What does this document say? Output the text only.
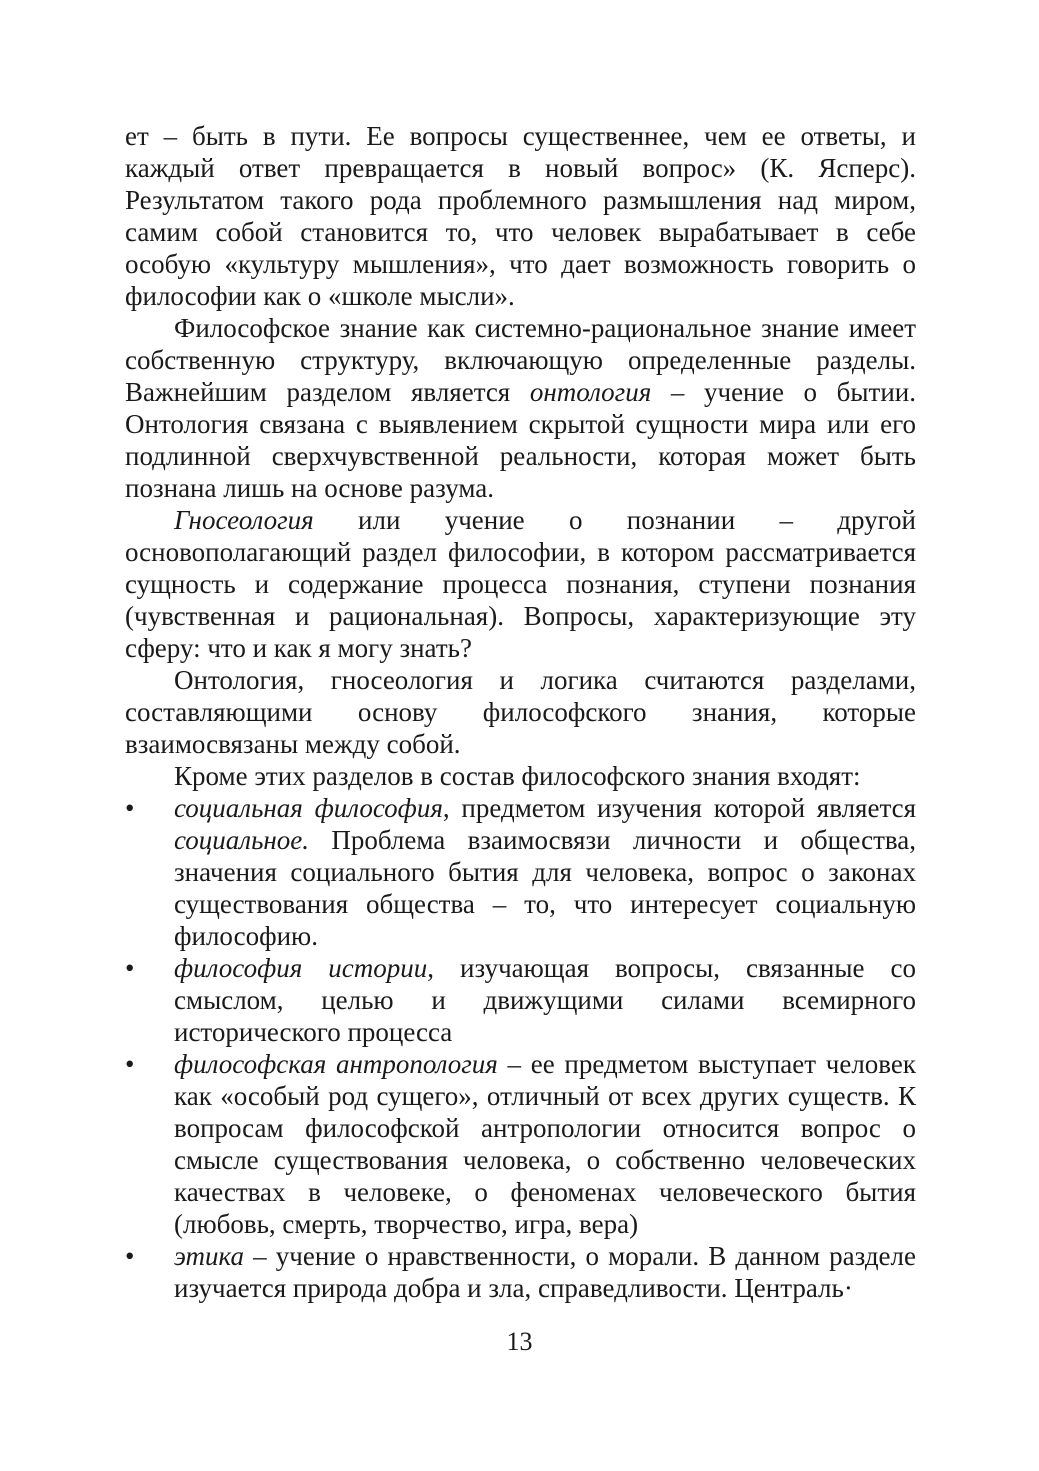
ет – быть в пути. Ее вопросы существеннее, чем ее ответы, и каждый ответ превращается в новый вопрос» (К. Ясперс). Результатом такого рода проблемного размышления над миром, самим собой становится то, что человек вырабатывает в себе особую «культуру мышления», что дает возможность говорить о философии как о «школе мысли».

Философское знание как системно-рациональное знание имеет собственную структуру, включающую определенные разделы. Важнейшим разделом является онтология – учение о бытии. Онтология связана с выявлением скрытой сущности мира или его подлинной сверхчувственной реальности, которая может быть познана лишь на основе разума.

Гносеология или учение о познании – другой основополагающий раздел философии, в котором рассматривается сущность и содержание процесса познания, ступени познания (чувственная и рациональная). Вопросы, характеризующие эту сферу: что и как я могу знать?

Онтология, гносеология и логика считаются разделами, составляющими основу философского знания, которые взаимосвязаны между собой.

Кроме этих разделов в состав философского знания входят:

•	социальная философия, предметом изучения которой является социальное. Проблема взаимосвязи личности и общества, значения социального бытия для человека, вопрос о законах существования общества – то, что интересует социальную философию.
•	философия истории, изучающая вопросы, связанные со смыслом, целью и движущими силами всемирного исторического процесса
•	философская антропология – ее предметом выступает человек как «особый род сущего», отличный от всех других существ. К вопросам философской антропологии относится вопрос о смысле существования человека, о собственно человеческих качествах в человеке, о феноменах человеческого бытия (любовь, смерть, творчество, игра, вера)
•	этика – учение о нравственности, о морали. В данном разделе изучается природа добра и зла, справедливости. Централь·
13
